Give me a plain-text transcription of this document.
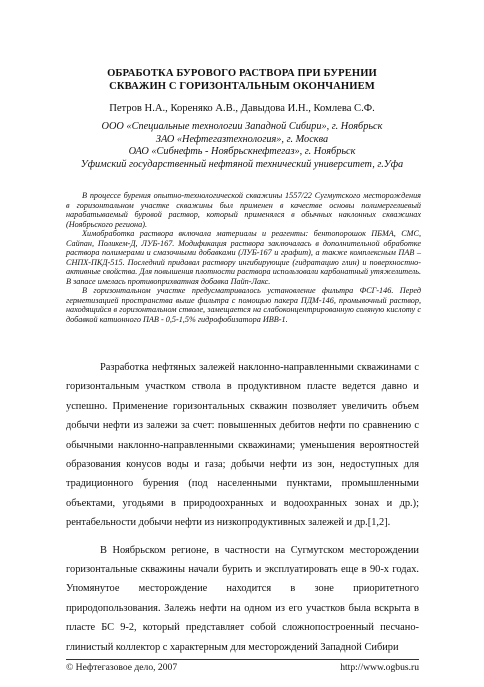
ОБРАБОТКА БУРОВОГО РАСТВОРА ПРИ БУРЕНИИ
СКВАЖИН С ГОРИЗОНТАЛЬНЫМ ОКОНЧАНИЕМ
Петров Н.А., Кореняко А.В., Давыдова И.Н., Комлева С.Ф.
ООО «Специальные технологии Западной Сибири», г. Ноябрьск
ЗАО «Нефтегазтехнология», г. Москва
ОАО «Сибнефть - Ноябрьскнефтегаз», г. Ноябрьск
Уфимский государственный нефтяной технический университет, г.Уфа

В процессе бурения опытно-технологической скважины 1557/22 Сугмутского месторождения в горизонтальном участке скважины был применен в качестве основы полимергелиевый нарабатываемый буровой раствор, который применялся в обычных наклонных скважинах (Ноябрьского региона).

Химобработка раствора включала материалы и реагенты: бентопорошок ПБМА, СМС, Сайпан, Поликем-Д, ЛУБ-167. Модификация раствора заключалась в дополнительной обработке раствора полимерами и смазочными добавками (ЛУБ-167 и графит), а также комплексным ПАВ – СНПХ-ПКД-515. Последний придавал раствору ингибирующие (гидратацию глин) и поверхностно-активные свойства. Для повышения плотности раствора использовали карбонатный утяжелитель. В запасе имелась противоприхватная добавка Пайп-Лакс.

В горизонтальном участке предусматривалось установление фильтра ФСГ-146. Перед герметизацией пространства выше фильтра с помощью пакера ПДМ-146, промывочный раствор, находящийся в горизонтальном стволе, замещается на слабоконцентрированную соляную кислоту с добавкой катионного ПАВ - 0,5-1,5% гидрофобизатора ИВВ-1.

Разработка нефтяных залежей наклонно-направленными скважинами с горизонтальным участком ствола в продуктивном пласте ведется давно и успешно. Применение горизонтальных скважин позволяет увеличить объем добычи нефти из залежи за счет: повышенных дебитов нефти по сравнению с обычными наклонно-направленными скважинами; уменьшения вероятностей образования конусов воды и газа; добычи нефти из зон, недоступных для традиционного бурения (под населенными пунктами, промышленными объектами, угодьями в природоохранных и водоохранных зонах и др.); рентабельности добычи нефти из низкопродуктивных залежей и др.[1,2].

В Ноябрьском регионе, в частности на Сугмутском месторождении горизонтальные скважины начали бурить и эксплуатировать еще в 90-х годах. Упомянутое месторождение находится в зоне приоритетного природопользования. Залежь нефти на одном из его участков была вскрыта в пласте БС 9-2, который представляет собой сложнопостроенный песчано-глинистый коллектор с характерным для месторождений Западной Сибири

© Нефтегазовое дело, 2007	http://www.ogbus.ru
